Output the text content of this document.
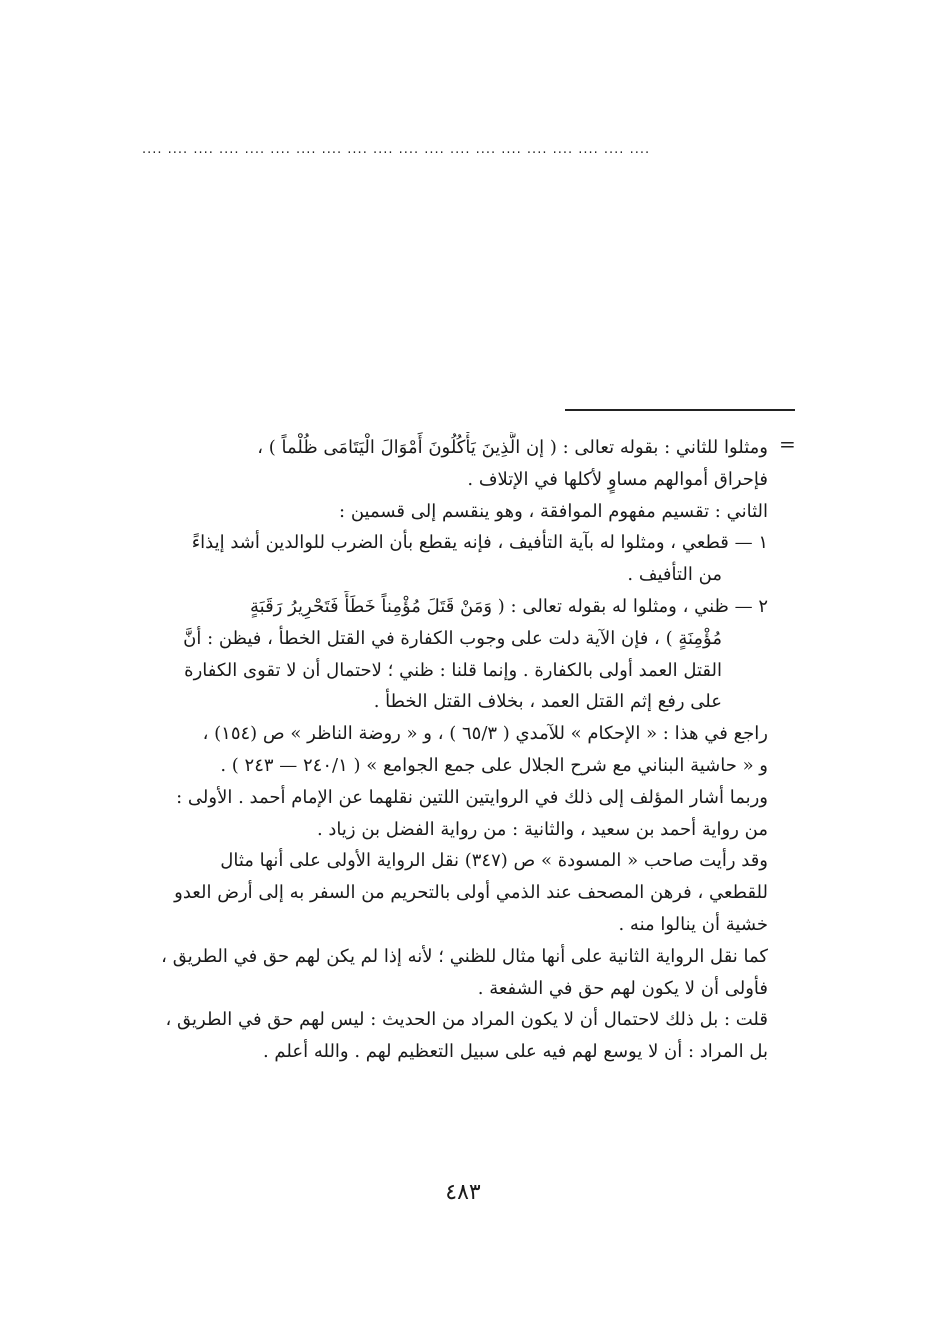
.... .... .... .... .... .... .... .... .... .... .... .... .... .... .... .... .... .... .... ....
=
ومثلوا للثاني : بقوله تعالى : ( إن الَّذِينَ يَأْكُلُونَ أَمْوَالَ الْيَتَامَى ظُلْماً ) ،
فإحراق أموالهم مساوٍ لأكلها في الإتلاف .
الثاني : تقسيم مفهوم الموافقة ، وهو ينقسم إلى قسمين :
١ — قطعي ، ومثلوا له بآية التأفيف ، فإنه يقطع بأن الضرب للوالدين أشد إيذاءً
من التأفيف .
٢ — ظني ، ومثلوا له بقوله تعالى : ( وَمَنْ قَتَلَ مُؤْمِناً خَطَأً فَتَحْرِيرُ رَقَبَةٍ
مُؤْمِنَةٍ ) ، فإن الآية دلت على وجوب الكفارة في القتل الخطأ ، فيظن : أنَّ
القتل العمد أولى بالكفارة . وإنما قلنا : ظني ؛ لاحتمال أن لا تقوى الكفارة
على رفع إثم القتل العمد ، بخلاف القتل الخطأ .
راجع في هذا : « الإحكام » للآمدي ( ٦٥/٣ ) ، و « روضة الناظر » ص (١٥٤) ،
و « حاشية البناني مع شرح الجلال على جمع الجوامع » ( ٢٤٠/١ — ٢٤٣ ) .
وربما أشار المؤلف إلى ذلك في الروايتين اللتين نقلهما عن الإمام أحمد . الأولى :
من رواية أحمد بن سعيد ، والثانية : من رواية الفضل بن زياد .
وقد رأيت صاحب « المسودة » ص (٣٤٧) نقل الرواية الأولى على أنها مثال
للقطعي ، فرهن المصحف عند الذمي أولى بالتحريم من السفر به إلى أرض العدو
خشية أن ينالوا منه .
كما نقل الرواية الثانية على أنها مثال للظني ؛ لأنه إذا لم يكن لهم حق في الطريق ،
فأولى أن لا يكون لهم حق في الشفعة .
قلت : بل ذلك لاحتمال أن لا يكون المراد من الحديث : ليس لهم حق في الطريق ،
بل المراد : أن لا يوسع لهم فيه على سبيل التعظيم لهم . والله أعلم .
٤٨٣
